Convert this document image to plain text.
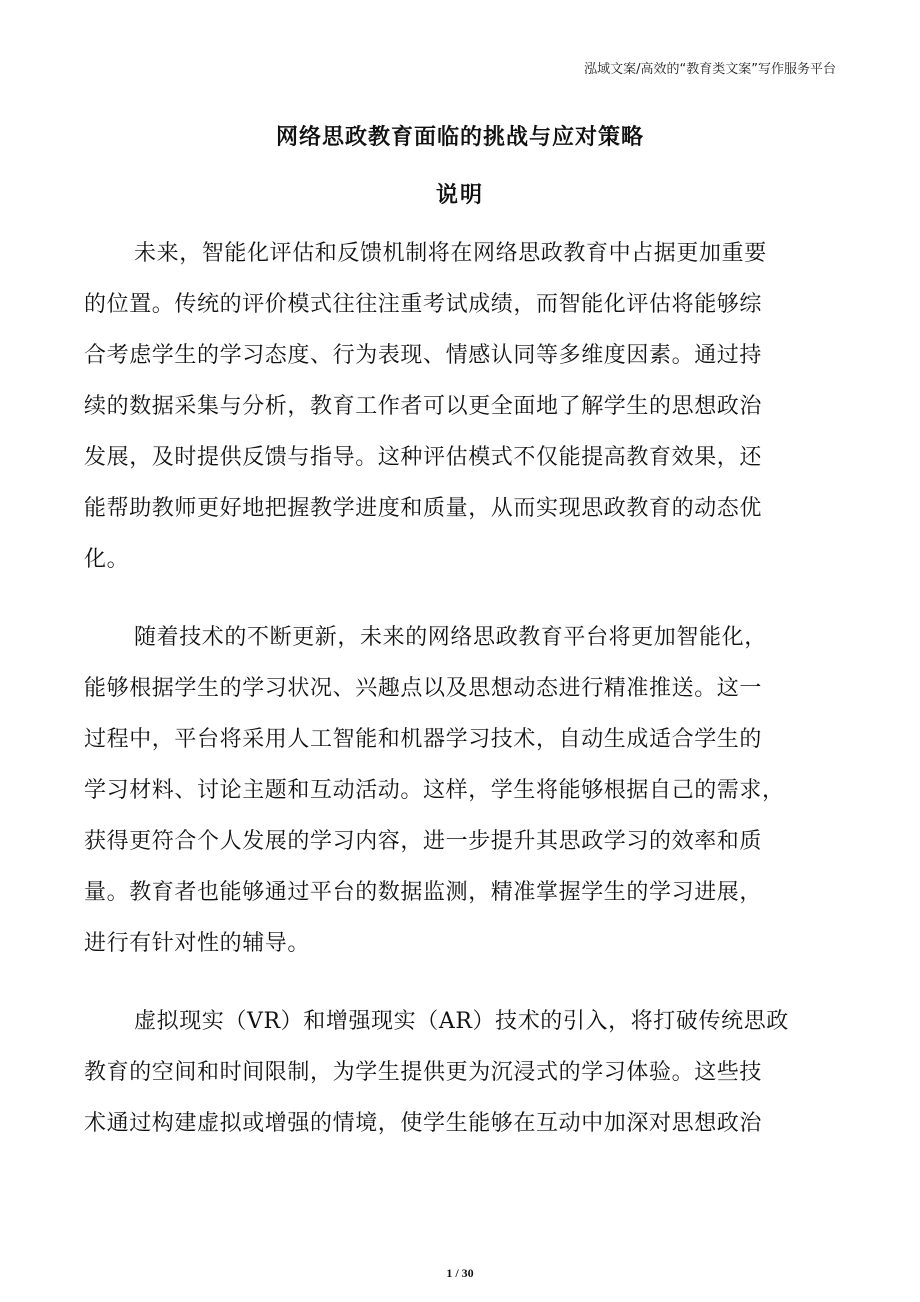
泓域文案/高效的“教育类文案”写作服务平台
网络思政教育面临的挑战与应对策略
说明
未来，智能化评估和反馈机制将在网络思政教育中占据更加重要
的位置。传统的评价模式往往注重考试成绩，而智能化评估将能够综
合考虑学生的学习态度、行为表现、情感认同等多维度因素。通过持
续的数据采集与分析，教育工作者可以更全面地了解学生的思想政治
发展，及时提供反馈与指导。这种评估模式不仅能提高教育效果，还
能帮助教师更好地把握教学进度和质量，从而实现思政教育的动态优
化。
随着技术的不断更新，未来的网络思政教育平台将更加智能化，
能够根据学生的学习状况、兴趣点以及思想动态进行精准推送。这一
过程中，平台将采用人工智能和机器学习技术，自动生成适合学生的
学习材料、讨论主题和互动活动。这样，学生将能够根据自己的需求，
获得更符合个人发展的学习内容，进一步提升其思政学习的效率和质
量。教育者也能够通过平台的数据监测，精准掌握学生的学习进展，
进行有针对性的辅导。
虚拟现实（VR）和增强现实（AR）技术的引入，将打破传统思政
教育的空间和时间限制，为学生提供更为沉浸式的学习体验。这些技
术通过构建虚拟或增强的情境，使学生能够在互动中加深对思想政治
1 / 30
